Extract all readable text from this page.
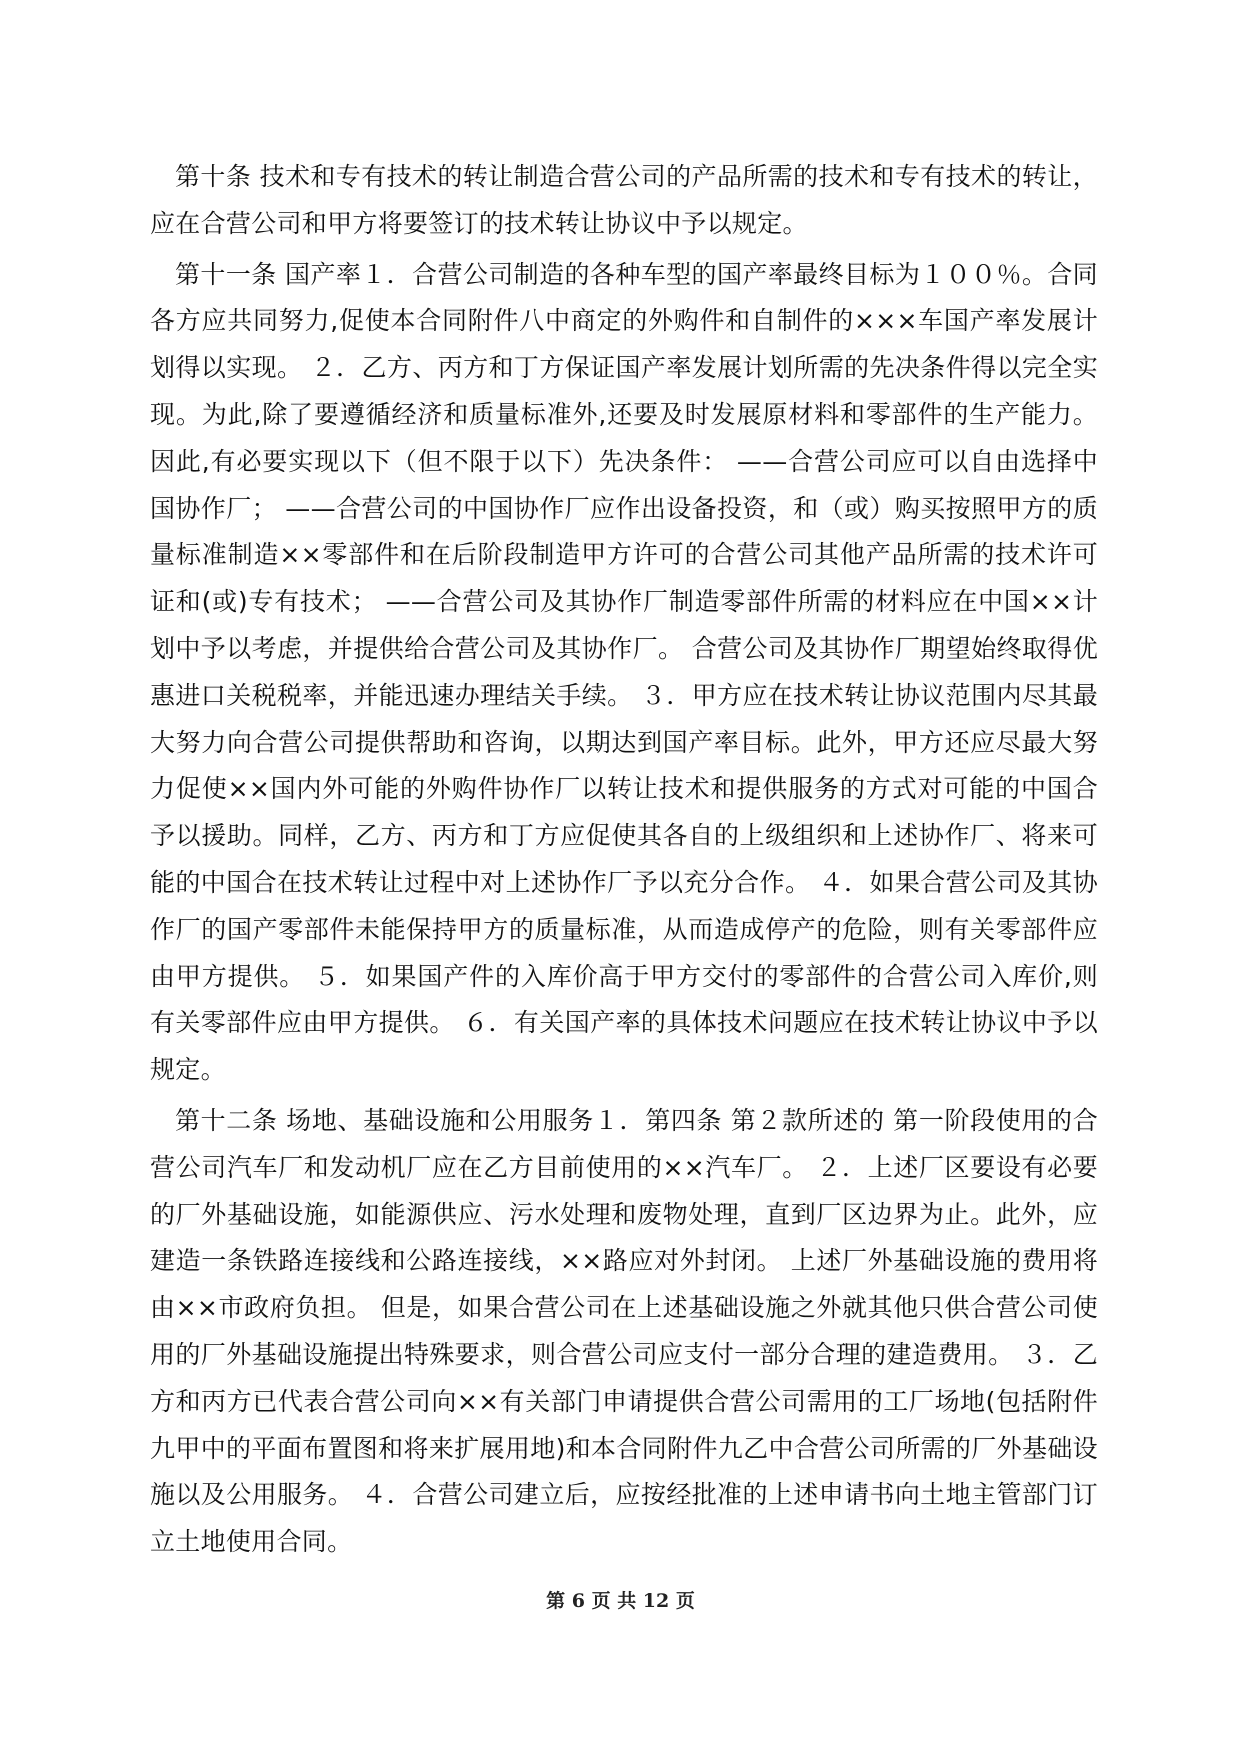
第十条 技术和专有技术的转让制造合营公司的产品所需的技术和专有技术的转让，应在合营公司和甲方将要签订的技术转让协议中予以规定。

第十一条 国产率１．合营公司制造的各种车型的国产率最终目标为１００％。合同各方应共同努力,促使本合同附件八中商定的外购件和自制件的×××车国产率发展计划得以实现。 ２．乙方、丙方和丁方保证国产率发展计划所需的先决条件得以完全实现。为此,除了要遵循经济和质量标准外,还要及时发展原材料和零部件的生产能力。因此,有必要实现以下（但不限于以下）先决条件： ——合营公司应可以自由选择中国协作厂； ——合营公司的中国协作厂应作出设备投资，和（或）购买按照甲方的质量标准制造××零部件和在后阶段制造甲方许可的合营公司其他产品所需的技术许可证和(或)专有技术； ——合营公司及其协作厂制造零部件所需的材料应在中国××计划中予以考虑，并提供给合营公司及其协作厂。 合营公司及其协作厂期望始终取得优惠进口关税税率，并能迅速办理结关手续。 ３．甲方应在技术转让协议范围内尽其最大努力向合营公司提供帮助和咨询，以期达到国产率目标。此外，甲方还应尽最大努力促使××国内外可能的外购件协作厂以转让技术和提供服务的方式对可能的中国合予以援助。同样，乙方、丙方和丁方应促使其各自的上级组织和上述协作厂、将来可能的中国合在技术转让过程中对上述协作厂予以充分合作。 ４．如果合营公司及其协作厂的国产零部件未能保持甲方的质量标准，从而造成停产的危险，则有关零部件应由甲方提供。 ５．如果国产件的入库价高于甲方交付的零部件的合营公司入库价,则有关零部件应由甲方提供。 ６．有关国产率的具体技术问题应在技术转让协议中予以规定。

第十二条 场地、基础设施和公用服务１．第四条 第２款所述的 第一阶段使用的合营公司汽车厂和发动机厂应在乙方目前使用的××汽车厂。 ２．上述厂区要设有必要的厂外基础设施，如能源供应、污水处理和废物处理，直到厂区边界为止。此外，应建造一条铁路连接线和公路连接线，××路应对外封闭。 上述厂外基础设施的费用将由××市政府负担。 但是，如果合营公司在上述基础设施之外就其他只供合营公司使用的厂外基础设施提出特殊要求，则合营公司应支付一部分合理的建造费用。 ３．乙方和丙方已代表合营公司向××有关部门申请提供合营公司需用的工厂场地(包括附件九甲中的平面布置图和将来扩展用地)和本合同附件九乙中合营公司所需的厂外基础设施以及公用服务。 ４．合营公司建立后，应按经批准的上述申请书向土地主管部门订立土地使用合同。

第 6 页 共 12 页
